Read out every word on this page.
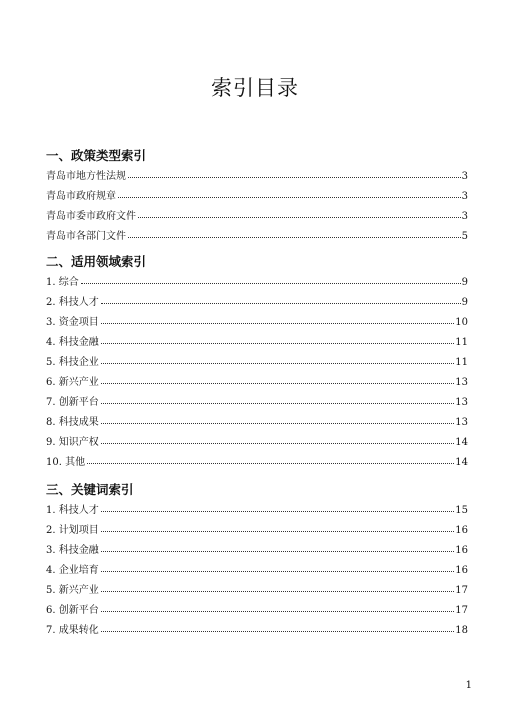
索引目录
一、政策类型索引
青岛市地方性法规	3
青岛市政府规章	3
青岛市委市政府文件	3
青岛市各部门文件	5
二、适用领域索引
1. 综合	9
2. 科技人才	9
3. 资金项目	10
4. 科技金融	11
5. 科技企业	11
6. 新兴产业	13
7. 创新平台	13
8. 科技成果	13
9. 知识产权	14
10. 其他	14
三、关键词索引
1. 科技人才	15
2. 计划项目	16
3. 科技金融	16
4. 企业培育	16
5. 新兴产业	17
6. 创新平台	17
7. 成果转化	18
1
